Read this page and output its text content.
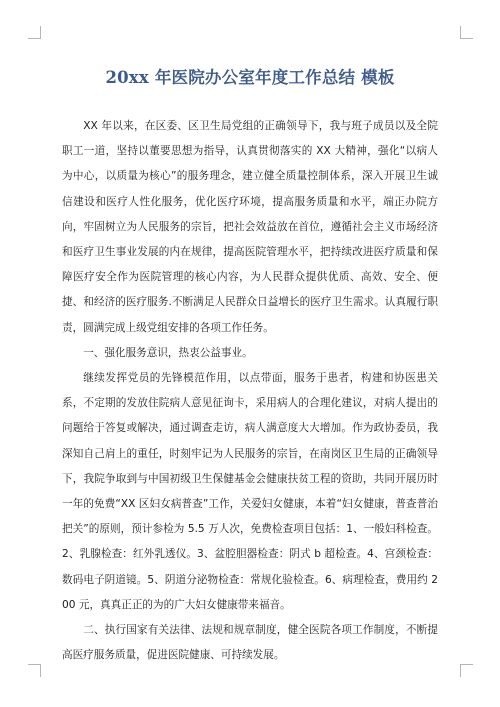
20xx 年医院办公室年度工作总结 模板

XX 年以来，在区委、区卫生局党组的正确领导下，我与班子成员以及全院职工一道，坚持以董要思想为指导，认真贯彻落实的 XX 大精神，强化“以病人为中心，以质量为核心”的服务理念，建立健全质量控制体系，深入开展卫生诚信建设和医疗人性化服务，优化医疗环境，提高服务质量和水平，端正办院方向，牢固树立为人民服务的宗旨，把社会效益放在首位，遵循社会主义市场经济和医疗卫生事业发展的内在规律，提高医院管理水平，把持续改进医疗质量和保障医疗安全作为医院管理的核心内容，为人民群众提供优质、高效、安全、便捷、和经济的医疗服务.不断满足人民群众日益增长的医疗卫生需求。认真履行职责，圆满完成上级党组安排的各项工作任务。

一、强化服务意识，热衷公益事业。

继续发挥党员的先锋模范作用，以点带面，服务于患者，构建和协医患关系，不定期的发放住院病人意见征询卡，采用病人的合理化建议，对病人提出的问题给于答复或解决，通过调查走访，病人满意度大大增加。作为政协委员，我深知自己肩上的重任，时刻牢记为人民服务的宗旨，在南岗区卫生局的正确领导下，我院争取到与中国初级卫生保健基金会健康扶贫工程的资助，共同开展历时一年的免费“XX 区妇女病普查”工作，关爱妇女健康，本着“妇女健康，普查普治把关”的原则，预计参检为 5.5 万人次，免费检查项目包括：1、一般妇科检查。2、乳腺检查：红外乳透仪。3、盆腔胆器检查：阴式 b 超检查。4、宫颈检查：数码电子阴道镜。5、阴道分泌物检查：常规化验检查。6、病理检查，费用约 200 元，真真正正的为的广大妇女健康带来福音。

二、执行国家有关法律、法规和规章制度，健全医院各项工作制度，不断提高医疗服务质量，促进医院健康、可持续发展。
